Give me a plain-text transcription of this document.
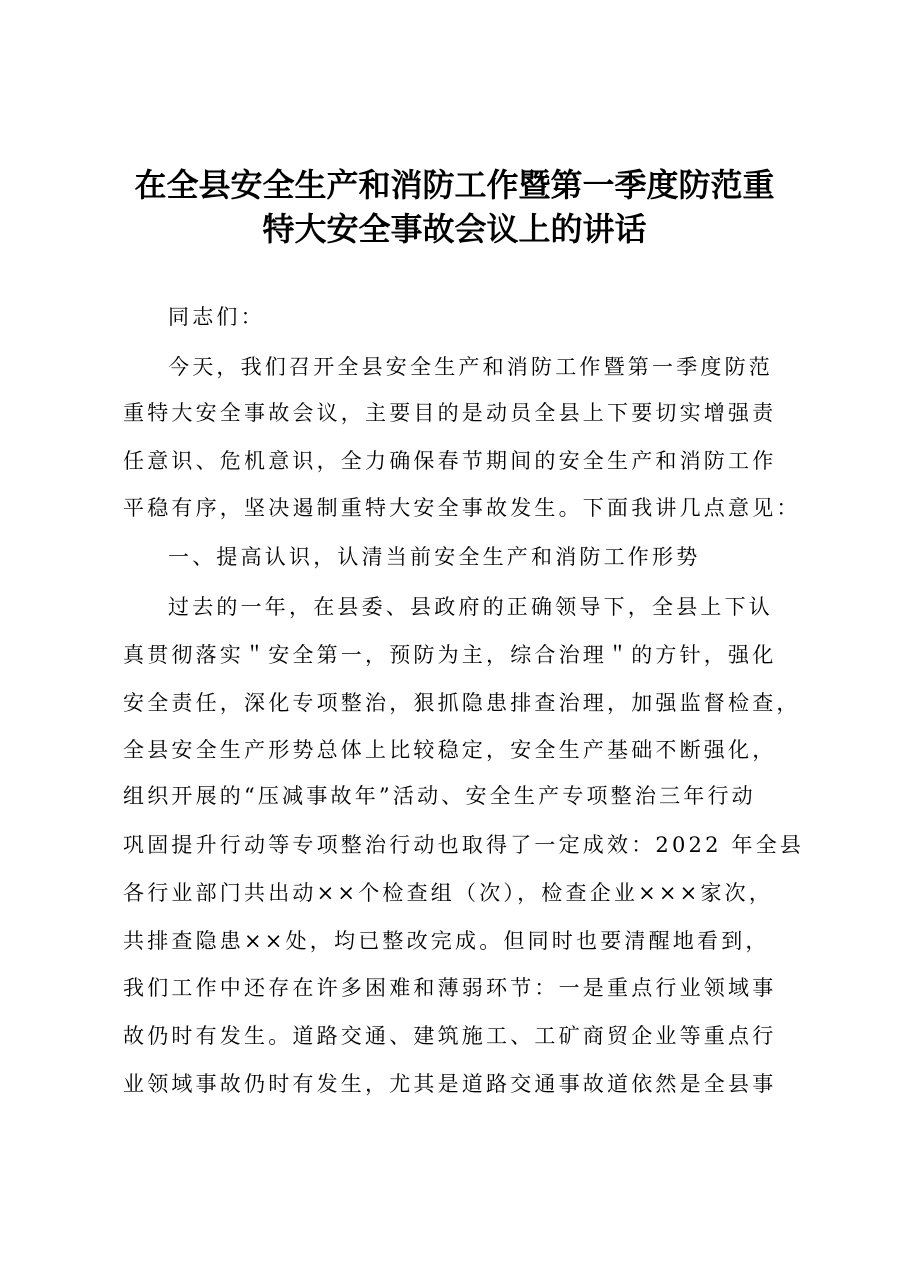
在全县安全生产和消防工作暨第一季度防范重
特大安全事故会议上的讲话
同志们：
今天，我们召开全县安全生产和消防工作暨第一季度防范
重特大安全事故会议，主要目的是动员全县上下要切实增强责
任意识、危机意识，全力确保春节期间的安全生产和消防工作
平稳有序，坚决遏制重特大安全事故发生。下面我讲几点意见：
一、提高认识，认清当前安全生产和消防工作形势
过去的一年，在县委、县政府的正确领导下，全县上下认
真贯彻落实＂安全第一，预防为主，综合治理＂的方针，强化
安全责任，深化专项整治，狠抓隐患排查治理，加强监督检查，
全县安全生产形势总体上比较稳定，安全生产基础不断强化，
组织开展的“压减事故年”活动、安全生产专项整治三年行动
巩固提升行动等专项整治行动也取得了一定成效：2022 年全县
各行业部门共出动××个检查组（次），检查企业×××家次，
共排查隐患××处，均已整改完成。但同时也要清醒地看到，
我们工作中还存在许多困难和薄弱环节：一是重点行业领域事
故仍时有发生。道路交通、建筑施工、工矿商贸企业等重点行
业领域事故仍时有发生，尤其是道路交通事故道依然是全县事
